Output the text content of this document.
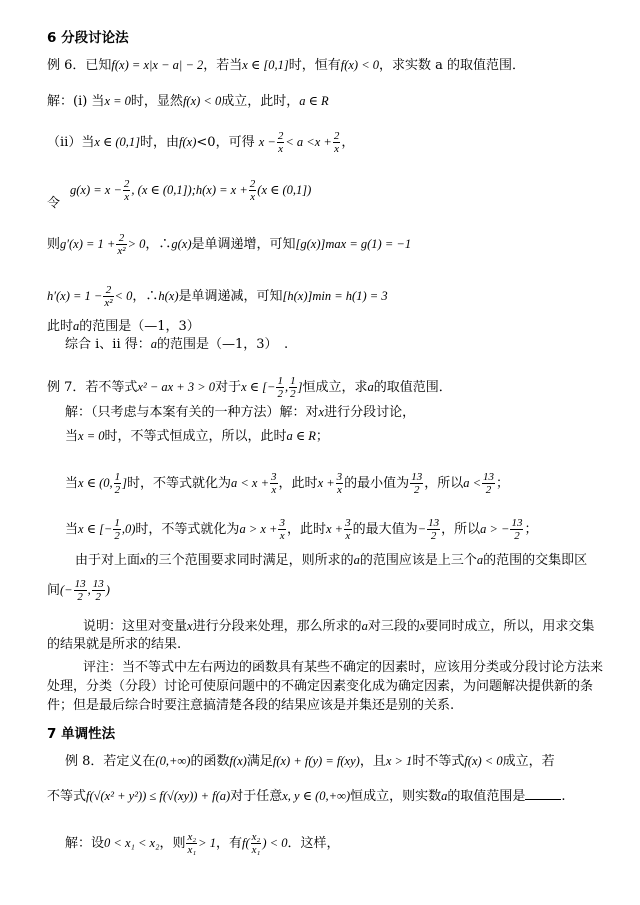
6 分段讨论法
例 6．已知f(x) = x|x − a| − 2，若当x ∈ [0,1]时，恒有f(x) < 0，求实数 a 的取值范围．
解：(ⅰ) 当x = 0时，显然f(x) < 0成立，此时，a ∈ R
（ⅱ）当x ∈ (0,1]时，由f(x)<0，可得 $x - \frac{2}{x} < a <x + \frac{2}{x}$ ，
$g(x) = x - \frac{2}{x}$ , (x ∈ (0,1]);h(x) = $x + \frac{2}{x} (x$ ∈ (0,1])
令
则$g'(x) = 1 + \frac{2}{\text{x²}} > 0$，∴g(x)是单调递增，可知[g(x)]max = g(1) = −1
$h'(x) = 1 - \frac{2}{\text{x²}} < 0$，∴h(x)是单调递减，可知[h(x)]min = h(1) = 3
此时a的范围是（—1，3）
综合 i、ii 得：a的范围是（—1，3）　.
例 7．若不等式x² − ax + 3 > 0对于x ∈ [− $\frac{1}{2}$ , $\frac{1}{2}$ ]恒成立，求a的取值范围．
解：（只考虑与本案有关的一种方法）解：对x进行分段讨论，
当x = 0时，不等式恒成立，所以，此时a ∈ R；
当x ∈ (0, $\frac{1}{2}$ ]时，不等式就化为$a < x + \frac{3}{x}$ ，此时$x + \frac{3}{x}$ 的最小值为 $\frac{13}{2}$ ，所以$a < \frac{13}{2}$ ；
当x ∈ [− $\frac{1}{2} ,0$)时，不等式就化为$a > x + \frac{3}{x}$ ，此时$x + \frac{3}{x}$ 的最大值为− $\frac{13}{2}$ ，所以a > − $\frac{13}{2}$ ；
由于对上面x的三个范围要求同时满足，则所求的a的范围应该是上三个a的范围的交集即区
间(− $\frac{13}{2}$ , $\frac{13}{2}$ )
说明：这里对变量x进行分段来处理，那么所求的a对三段的x要同时成立，所以，用求交集
的结果就是所求的结果.
评注：当不等式中左右两边的函数具有某些不确定的因素时，应该用分类或分段讨论方法来
处理，分类（分段）讨论可使原问题中的不确定因素变化成为确定因素，为问题解决提供新的条
件；但是最后综合时要注意搞清楚各段的结果应该是并集还是别的关系.
7 单调性法
例 8．若定义在(0,+∞)的函数f(x)满足f(x) + f(y) = f(xy)，且x > 1时不等式f(x) < 0成立，若
不等式f(√(x² + y²)) ≤ f(√(xy)) + f(a)对于任意x, y ∈ (0,+∞)恒成立，则实数a的取值范围是	.
解：设0 < x₁ < x₂，则 $\frac{\text{x₂}}{\text{x₁}} > 1$，有$f( \frac{\text{x₂}}{\text{x₁}}$ ) < 0．这样，
